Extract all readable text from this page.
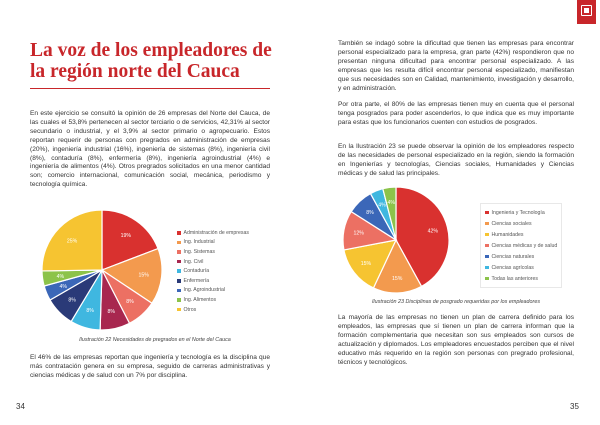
La voz de los empleadores de la región norte del Cauca
En este ejercicio se consultó la opinión de 26 empresas del Norte del Cauca, de las cuales el 53,8% pertenecen al sector terciario o de servicios, 42,31% al sector secundario o industrial, y el 3,9% al sector primario o agropecuario. Estos reportan requerir de personas con pregrados en administración de empresas (20%), ingeniería industrial (16%), ingeniería de sistemas (8%), ingeniería civil (8%), contaduría (8%), enfermería (8%), ingeniería agroindustrial (4%) e ingeniería de alimentos (4%). Otros pregrados solicitados en una menor cantidad son; comercio internacional, comunicación social, mecánica, periodismo y tecnología química.
19%
15%
8%
8%
8%
8%
4%
4%
25%
Administración de empresas
Ing. Industrial
Ing. Sistemas
Ing. Civil
Contaduría
Enfermería
Ing. Agroindustrial
Ing. Alimentos
Otros
Ilustración 22 Necesidades de pregrados en el Norte del Cauca
El 46% de las empresas reportan que ingeniería y tecnología es la disciplina que más contratación genera en su empresa, seguido de carreras administrativas y ciencias médicas y de salud con un 7% por disciplina.
34
También se indagó sobre la dificultad que tienen las empresas para encontrar personal especializado para la empresa, gran parte (42%) respondieron que no presentan ninguna dificultad para encontrar personal especializado. A las empresas que les resulta difícil encontrar personal especializado, manifiestan que sus necesidades son en Calidad, mantenimiento, investigación y desarrollo, y en administración.
Por otra parte, el 80% de las empresas tienen muy en cuenta que el personal tenga posgrados para poder ascenderlos, lo que indica que es muy importante para estas que los funcionarios cuenten con estudios de posgrados.
En la Ilustración 23 se puede observar la opinión de los empleadores respecto de las necesidades de personal especializado en la región, siendo la formación en Ingenierías y tecnologías, Ciencias sociales, Humanidades y Ciencias médicas y de salud las principales.
42%
15%
15%
12%
8%
4% 4%
Ingenieria y Tecnología
Ciencias sociales
Humanidades
Ciencias médicas y de salud
Ciencias naturales
Ciencias agrícolas
Todas las anteriores
Ilustración 23 Disciplinas de posgrado requeridas por los empleadores
La mayoría de las empresas no tienen un plan de carrera definido para los empleados, las empresas que sí tienen un plan de carrera informan que la formación complementaria que necesitan son sus empleados son cursos de actualización y diplomados. Los empleadores encuestados perciben que el nivel educativo más requerido en la región son personas con pregrado profesional, técnicos y tecnológicos.
35
